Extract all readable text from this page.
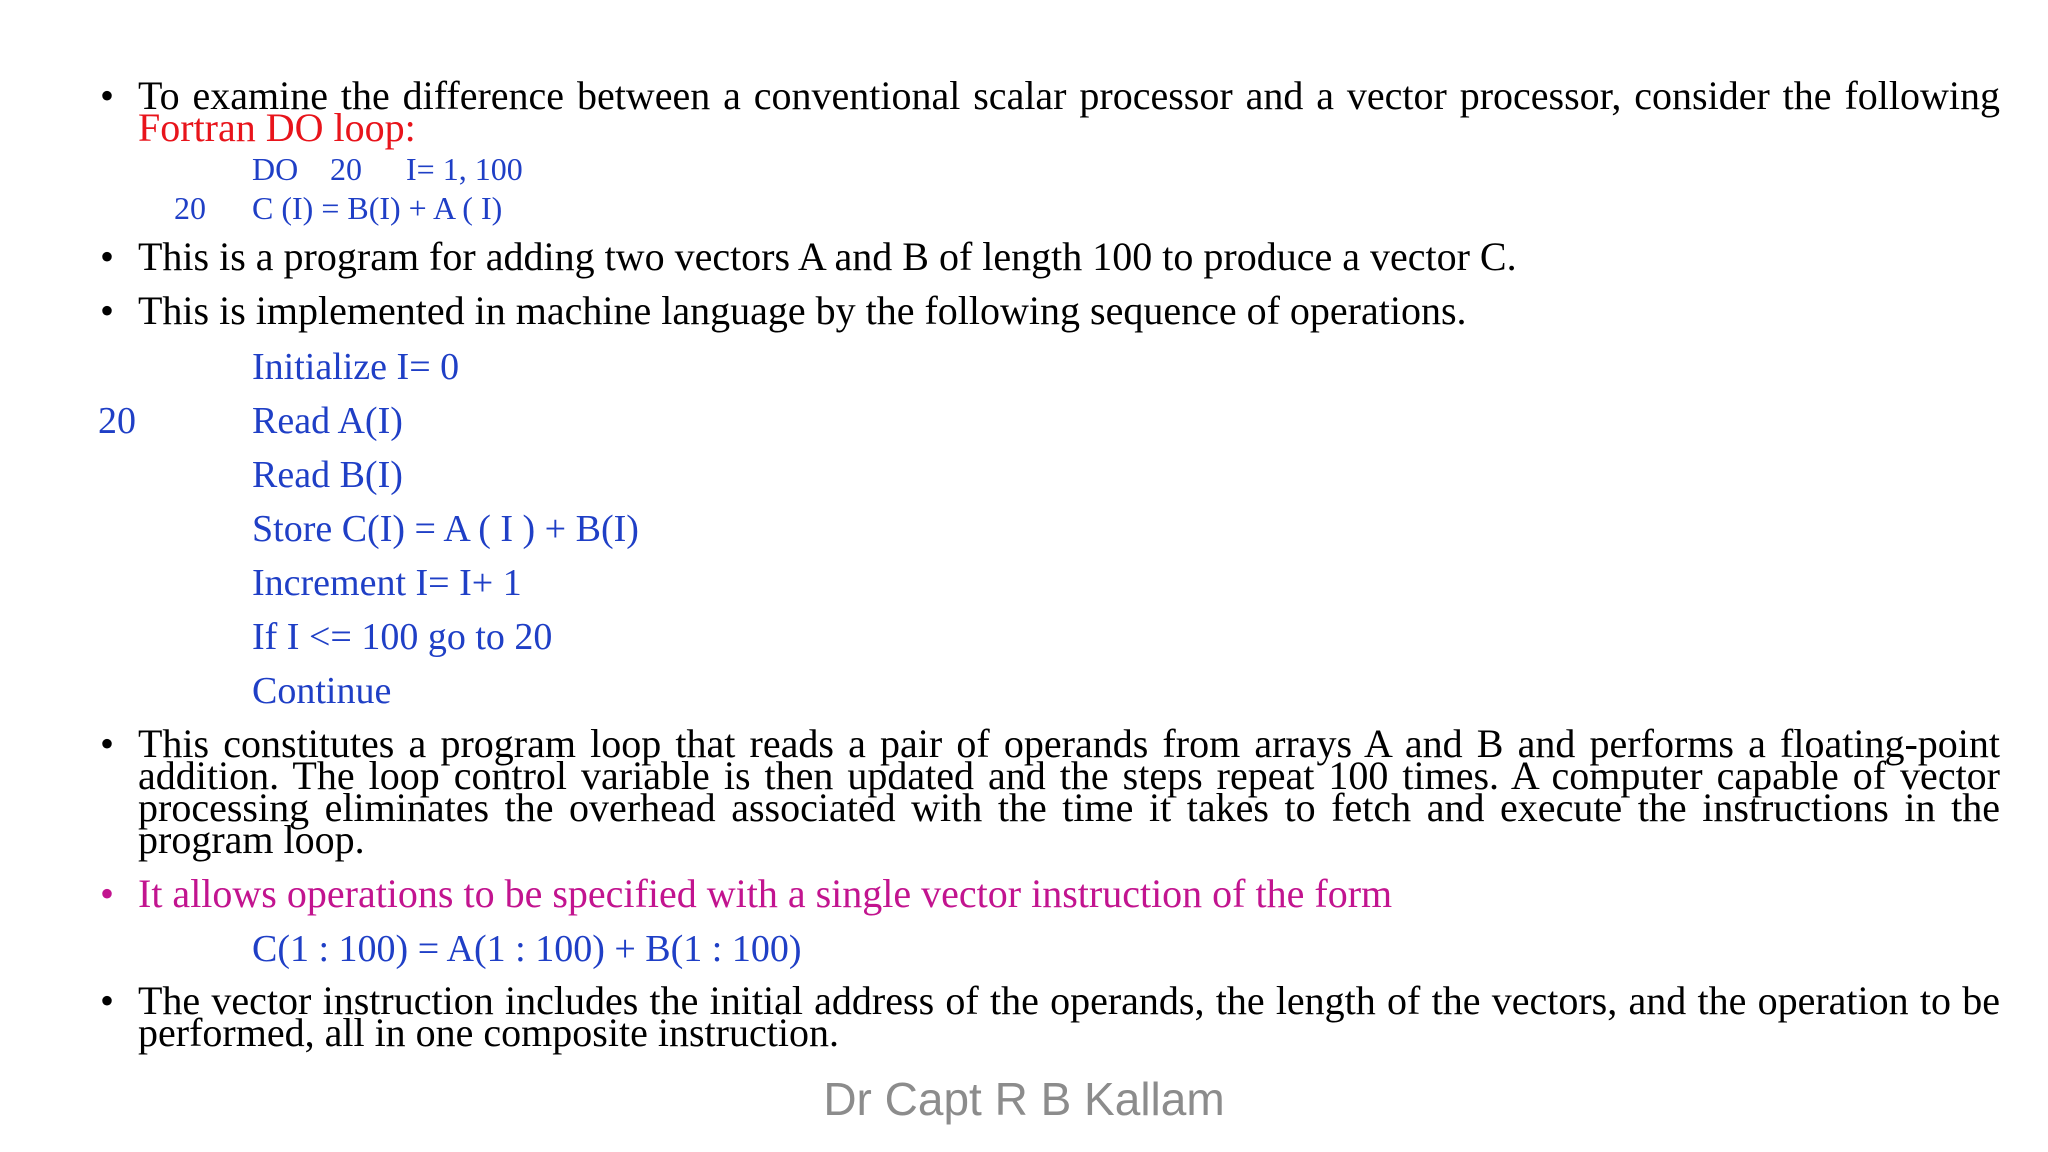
• To examine the difference between a conventional scalar processor and a vector processor, consider the following
Fortran DO loop:
DO 20 I= 1, 100
20 C (I) = B(I) + A ( I)
• This is a program for adding two vectors A and B of length 100 to produce a vector C.
• This is implemented in machine language by the following sequence of operations.
20
Initialize I= 0
Read A(I)
Read B(I)
Store C(I) = A ( I ) + B(I)
Increment I= I+ 1
If I <= 100 go to 20
Continue
• This constitutes a program loop that reads a pair of operands from arrays A and B and performs a floating-point addition. The loop control variable is then updated and the steps repeat 100 times. A computer capable of vector processing eliminates the overhead associated with the time it takes to fetch and execute the instructions in the program loop.
• It allows operations to be specified with a single vector instruction of the form
C(1 : 100) = A(1 : 100) + B(1 : 100)
• The vector instruction includes the initial address of the operands, the length of the vectors, and the operation to be performed, all in one composite instruction.
Dr Capt R B Kallam
